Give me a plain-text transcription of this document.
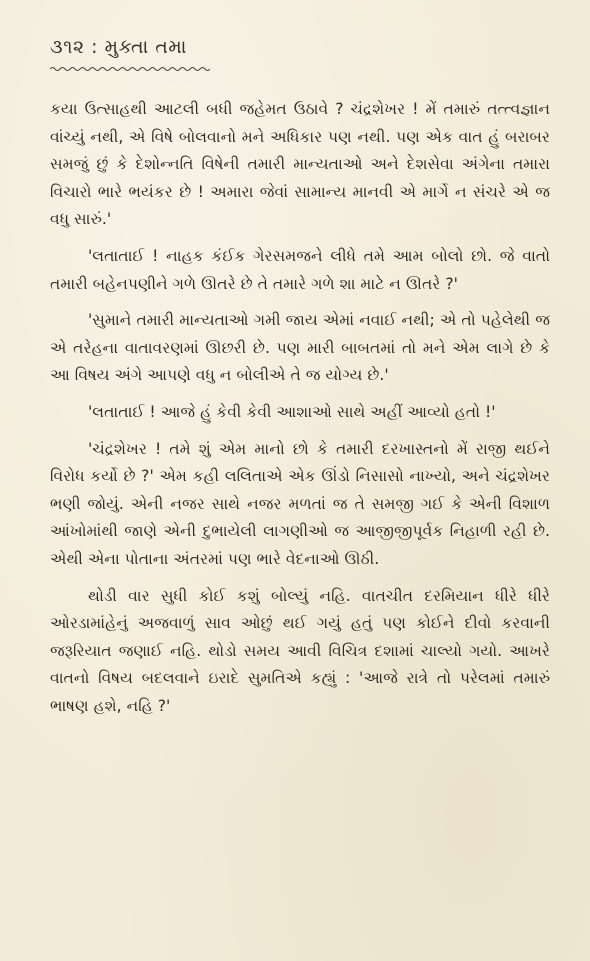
૩૧૨ : મુક્તા તમા

કયા ઉત્સાહથી આટલી બધી જહેમત ઉઠાવે ? ચંદ્રશેખર ! મેં તમારું તત્ત્વજ્ઞાન વાંચ્યું નથી, એ વિષે બોલવાનો મને અધિકાર પણ નથી. પણ એક વાત હું બરાબર સમજું છું કે દેશોન્નતિ વિષેની તમારી માન્યતાઓ અને દેશસેવા અંગેના તમારા વિચારો ભારે ભયંકર છે ! અમારા જેવાં સામાન્ય માનવી એ માર્ગે ન સંચરે એ જ વધુ સારું.'

'લતાતાઈ ! નાહક કંઈક ગેરસમજને લીધે તમે આમ બોલો છો. જે વાતો તમારી બહેનપણીને ગળે ઊતરે છે તે તમારે ગળે શા માટે ન ઊતરે ?'

'સુમાને તમારી માન્યતાઓ ગમી જાય એમાં નવાઈ નથી; એ તો પહેલેથી જ એ તરેહના વાતાવરણમાં ઊછરી છે. પણ મારી બાબતમાં તો મને એમ લાગે છે કે આ વિષય અંગે આપણે વધુ ન બોલીએ તે જ યોગ્ય છે.'

'લતાતાઈ ! આજે હું કેવી કેવી આશાઓ સાથે અહીં આવ્યો હતો !'

'ચંદ્રશેખર ! તમે શું એમ માનો છો કે તમારી દરખાસ્તનો મેં રાજી થઈને વિરોધ કર્યો છે ?' એમ કહી લલિતાએ એક ઊંડો નિસાસો નાખ્યો, અને ચંદ્રશેખર ભણી જોયું. એની નજર સાથે નજર મળતાં જ તે સમજી ગઈ કે એની વિશાળ આંખોમાંથી જાણે એની દુભાયેલી લાગણીઓ જ આજીજીપૂર્વક નિહાળી રહી છે. એથી એના પોતાના અંતરમાં પણ ભારે વેદનાઓ ઊઠી.

થોડી વાર સુધી કોઈ કશું બોલ્યું નહિ. વાતચીત દરમિયાન ધીરે ધીરે ઓરડામાંહેનું અજવાળું સાવ ઓછું થઈ ગયું હતું પણ કોઈને દીવો કરવાની જરૂરિયાત જણાઈ નહિ. થોડો સમય આવી વિચિત્ર દશામાં ચાલ્યો ગયો. આખરે વાતનો વિષય બદલવાને ઇરાદે સુમતિએ કહ્યું : 'આજે રાત્રે તો પરેલમાં તમારું ભાષણ હશે, નહિ ?'
